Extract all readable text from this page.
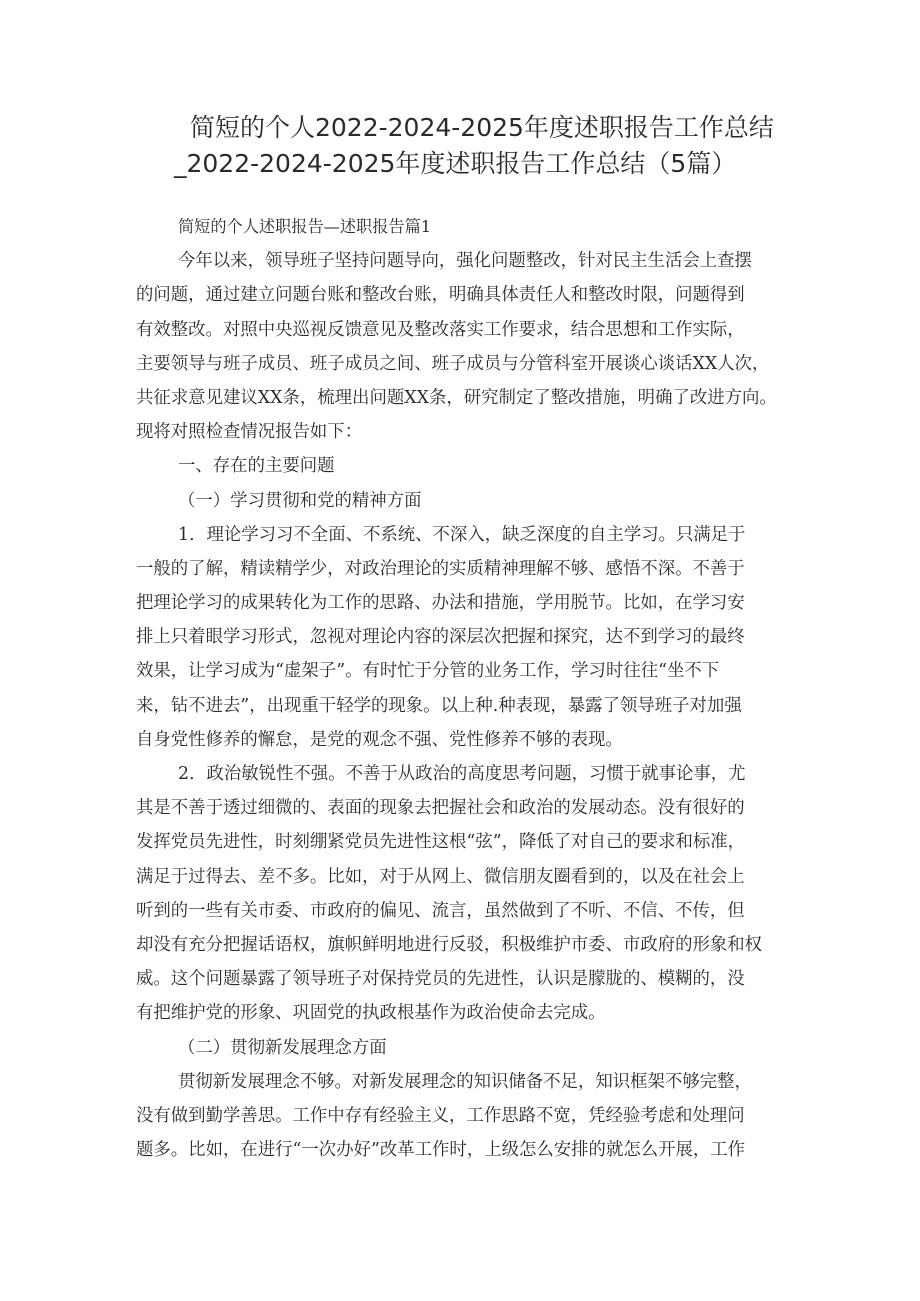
简短的个人2022-2024-2025年度述职报告工作总结
_2022-2024-2025年度述职报告工作总结（5篇）
简短的个人述职报告—述职报告篇1
今年以来，领导班子坚持问题导向，强化问题整改，针对民主生活会上查摆
的问题，通过建立问题台账和整改台账，明确具体责任人和整改时限，问题得到
有效整改。对照中央巡视反馈意见及整改落实工作要求，结合思想和工作实际，
主要领导与班子成员、班子成员之间、班子成员与分管科室开展谈心谈话XX人次，
共征求意见建议XX条，梳理出问题XX条，研究制定了整改措施，明确了改进方向。
现将对照检查情况报告如下：
一、存在的主要问题
（一）学习贯彻和党的精神方面
1．理论学习习不全面、不系统、不深入，缺乏深度的自主学习。只满足于
一般的了解，精读精学少，对政治理论的实质精神理解不够、感悟不深。不善于
把理论学习的成果转化为工作的思路、办法和措施，学用脱节。比如，在学习安
排上只着眼学习形式，忽视对理论内容的深层次把握和探究，达不到学习的最终
效果，让学习成为“虚架子”。有时忙于分管的业务工作，学习时往往“坐不下
来，钻不进去”，出现重干轻学的现象。以上种.种表现，暴露了领导班子对加强
自身党性修养的懈怠，是党的观念不强、党性修养不够的表现。
2．政治敏锐性不强。不善于从政治的高度思考问题，习惯于就事论事，尤
其是不善于透过细微的、表面的现象去把握社会和政治的发展动态。没有很好的
发挥党员先进性，时刻绷紧党员先进性这根“弦”，降低了对自己的要求和标准，
满足于过得去、差不多。比如，对于从网上、微信朋友圈看到的，以及在社会上
听到的一些有关市委、市政府的偏见、流言，虽然做到了不听、不信、不传，但
却没有充分把握话语权，旗帜鲜明地进行反驳，积极维护市委、市政府的形象和权
威。这个问题暴露了领导班子对保持党员的先进性，认识是朦胧的、模糊的，没
有把维护党的形象、巩固党的执政根基作为政治使命去完成。
（二）贯彻新发展理念方面
贯彻新发展理念不够。对新发展理念的知识储备不足，知识框架不够完整，
没有做到勤学善思。工作中存有经验主义，工作思路不宽，凭经验考虑和处理问
题多。比如，在进行“一次办好”改革工作时，上级怎么安排的就怎么开展，工作
